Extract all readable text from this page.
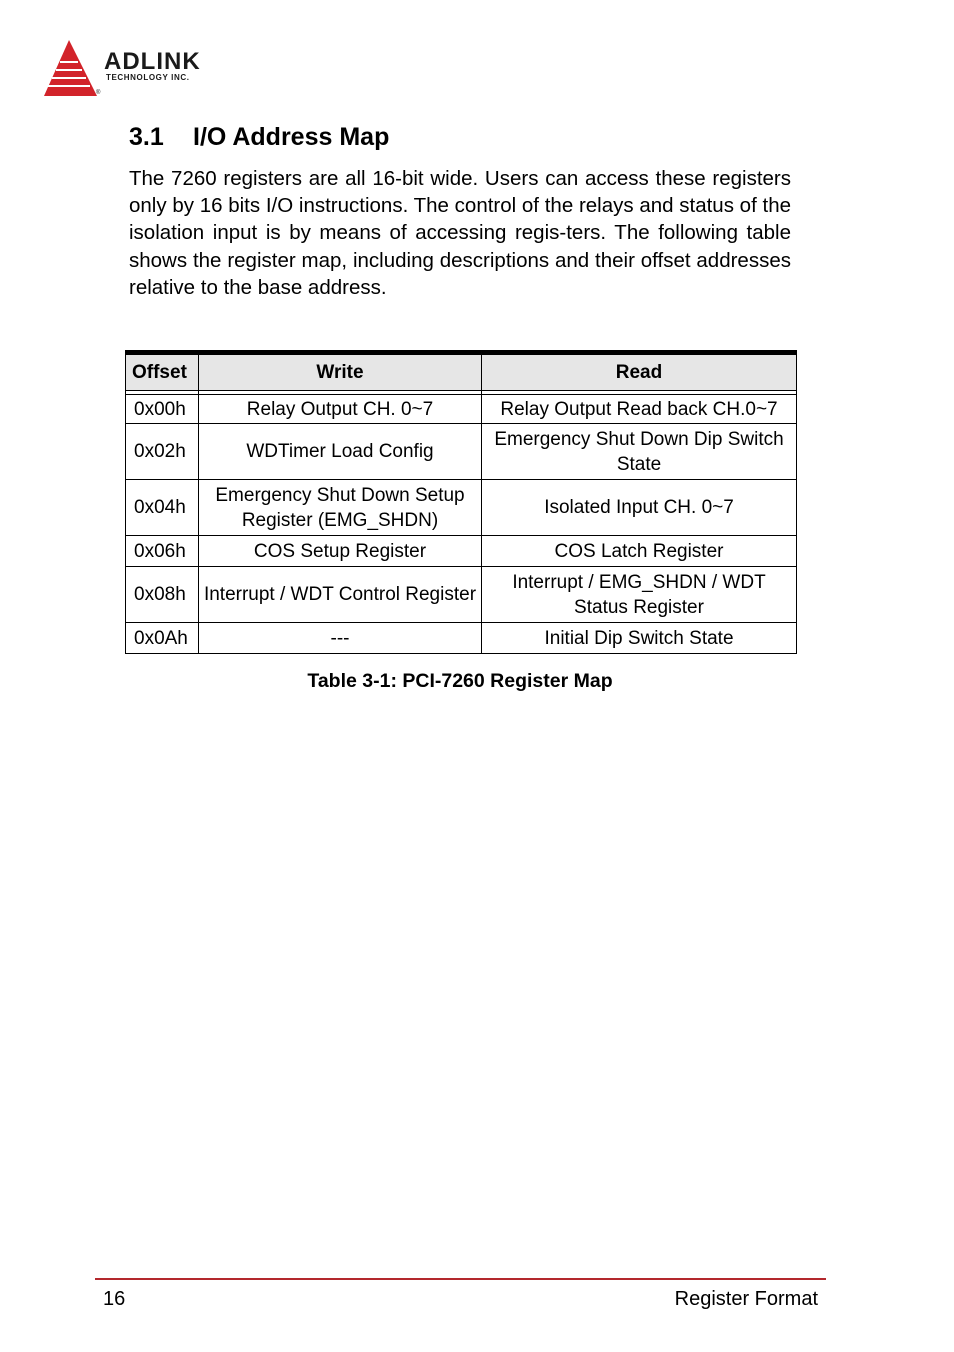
ADLINK
TECHNOLOGY INC.
®
3.1 I/O Address Map

The 7260 registers are all 16-bit wide. Users can access these registers only by 16 bits I/O instructions. The control of the relays and status of the isolation input is by means of accessing regis-ters. The following table shows the register map, including descriptions and their offset addresses relative to the base address.

Offset	Write	Read

0x00h	Relay Output CH. 0~7	Relay Output Read back CH.0~7
0x02h	WDTimer Load Config	Emergency Shut Down Dip Switch State
0x04h	Emergency Shut Down Setup Register (EMG_SHDN)	Isolated Input CH. 0~7
0x06h	COS Setup Register	COS Latch Register
0x08h	Interrupt / WDT Control Register	Interrupt / EMG_SHDN / WDT Status Register
0x0Ah	---	Initial Dip Switch State
Table 3-1: PCI-7260 Register Map
16	Register Format
